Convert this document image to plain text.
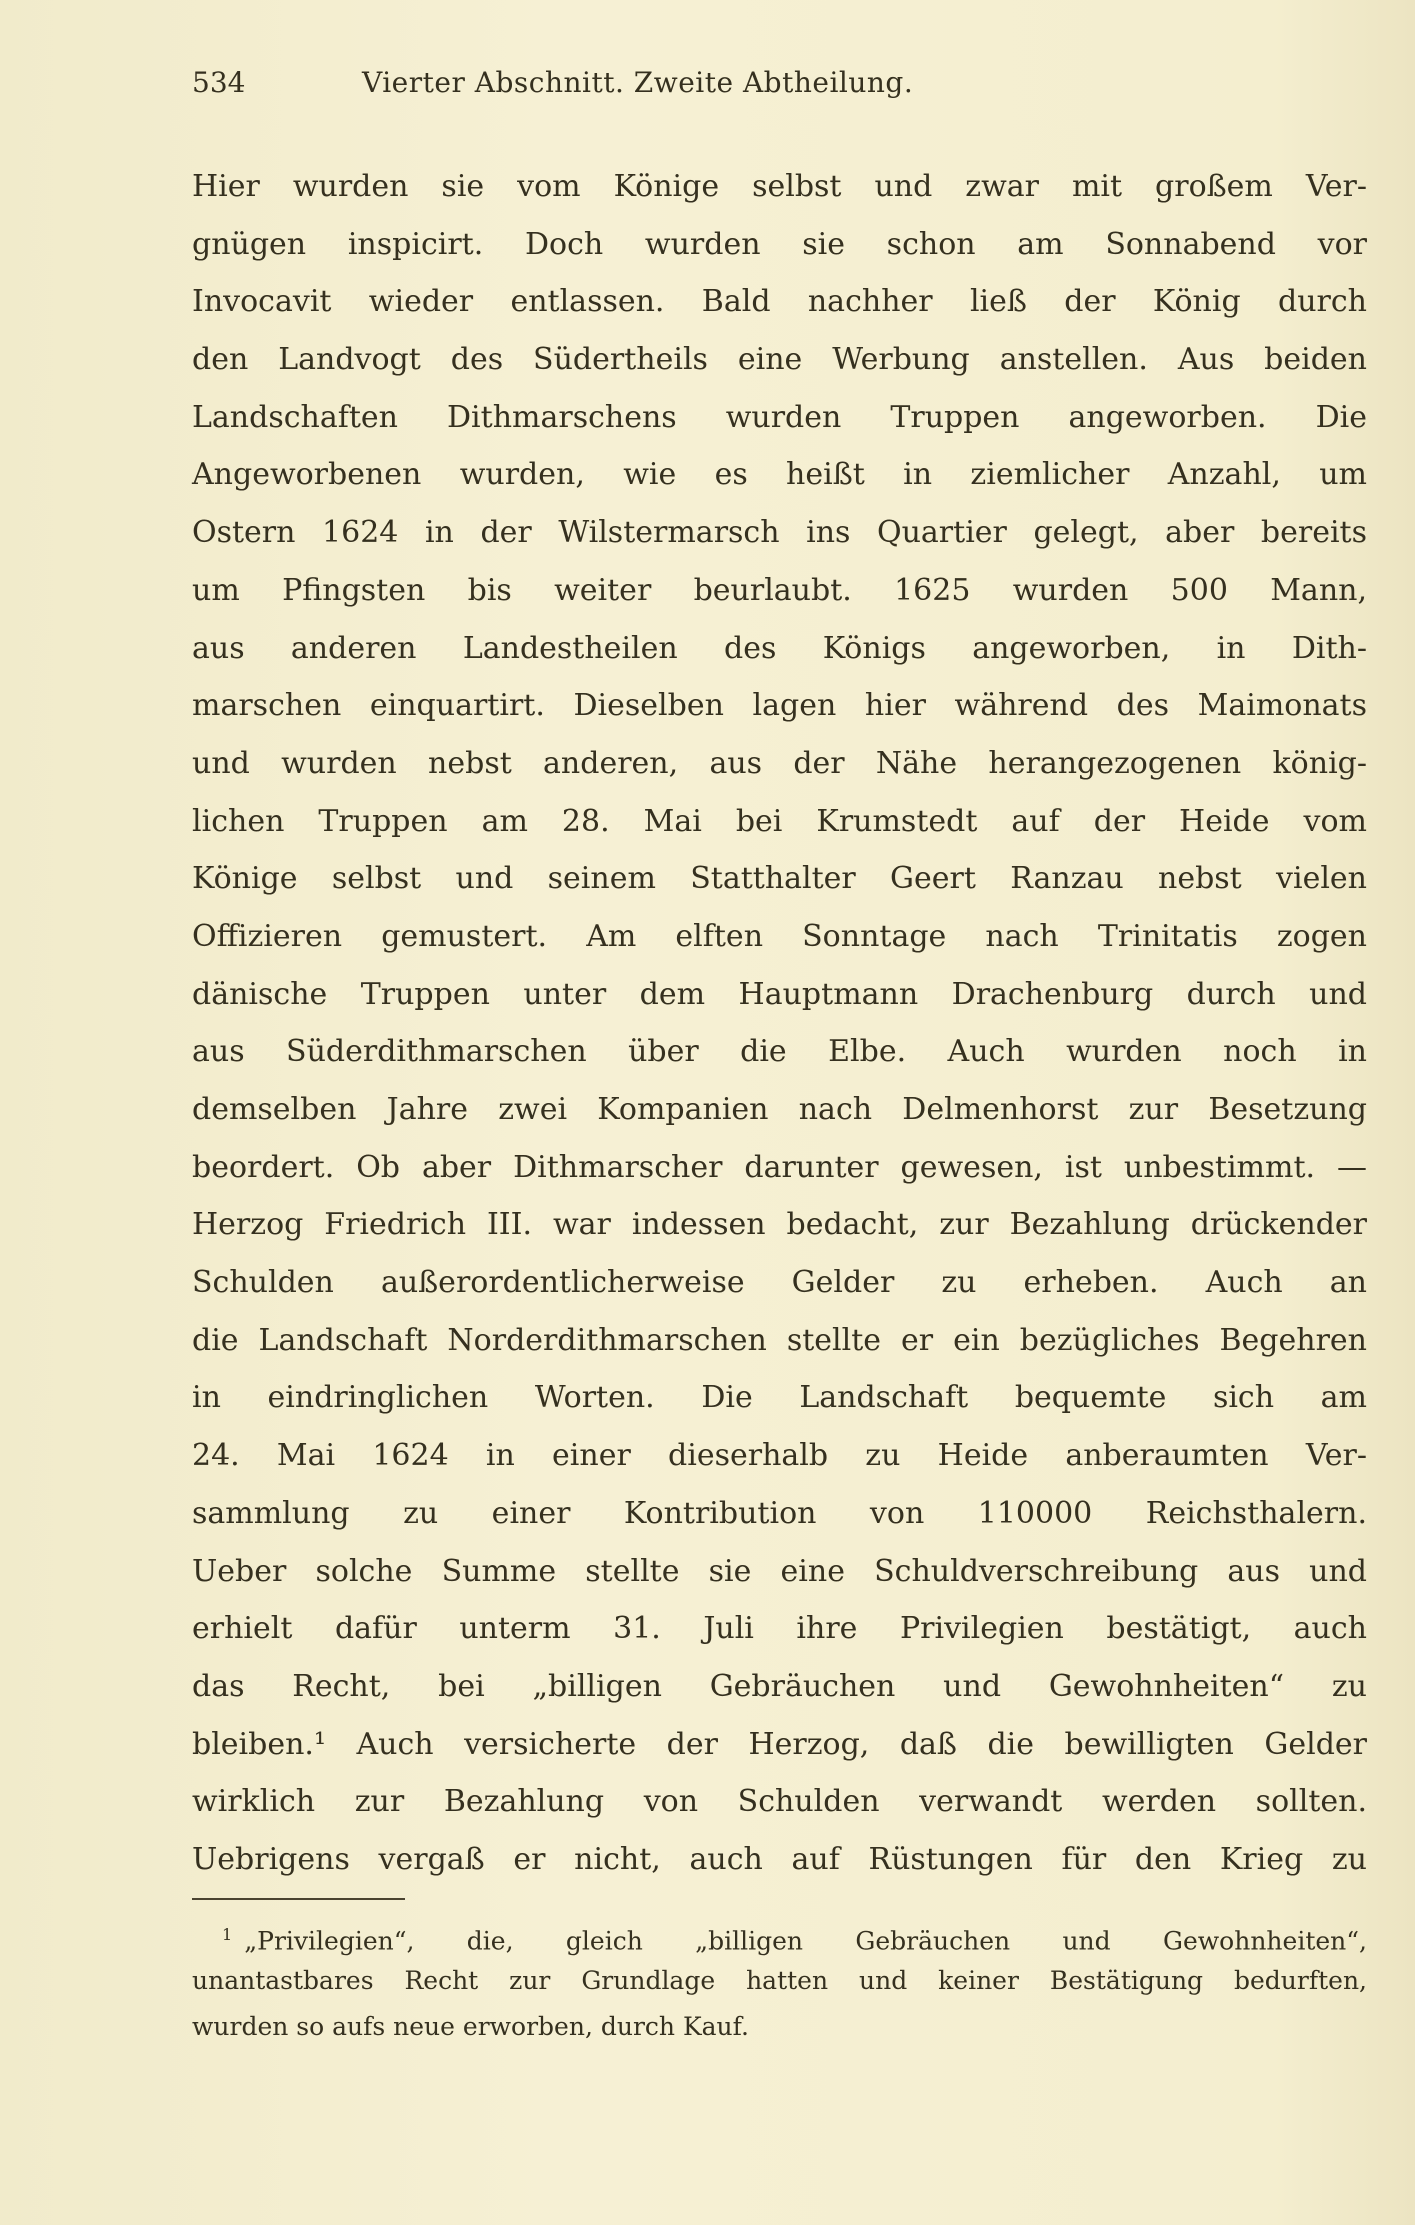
534	Vierter Abschnitt. Zweite Abtheilung.
Hier wurden sie vom Könige selbst und zwar mit großem Ver-
gnügen inspicirt. Doch wurden sie schon am Sonnabend vor
Invocavit wieder entlassen. Bald nachher ließ der König durch
den Landvogt des Südertheils eine Werbung anstellen. Aus beiden
Landschaften Dithmarschens wurden Truppen angeworben. Die
Angeworbenen wurden, wie es heißt in ziemlicher Anzahl, um
Ostern 1624 in der Wilstermarsch ins Quartier gelegt, aber bereits
um Pfingsten bis weiter beurlaubt. 1625 wurden 500 Mann,
aus anderen Landestheilen des Königs angeworben, in Dith-
marschen einquartirt. Dieselben lagen hier während des Maimonats
und wurden nebst anderen, aus der Nähe herangezogenen könig-
lichen Truppen am 28. Mai bei Krumstedt auf der Heide vom
Könige selbst und seinem Statthalter Geert Ranzau nebst vielen
Offizieren gemustert. Am elften Sonntage nach Trinitatis zogen
dänische Truppen unter dem Hauptmann Drachenburg durch und
aus Süderdithmarschen über die Elbe. Auch wurden noch in
demselben Jahre zwei Kompanien nach Delmenhorst zur Besetzung
beordert. Ob aber Dithmarscher darunter gewesen, ist unbestimmt. —
Herzog Friedrich III. war indessen bedacht, zur Bezahlung drückender
Schulden außerordentlicherweise Gelder zu erheben. Auch an
die Landschaft Norderdithmarschen stellte er ein bezügliches Begehren
in eindringlichen Worten. Die Landschaft bequemte sich am
24. Mai 1624 in einer dieserhalb zu Heide anberaumten Ver-
sammlung zu einer Kontribution von 110000 Reichsthalern.
Ueber solche Summe stellte sie eine Schuldverschreibung aus und
erhielt dafür unterm 31. Juli ihre Privilegien bestätigt, auch
das Recht, bei „billigen Gebräuchen und Gewohnheiten“ zu
bleiben.¹ Auch versicherte der Herzog, daß die bewilligten Gelder
wirklich zur Bezahlung von Schulden verwandt werden sollten.
Uebrigens vergaß er nicht, auch auf Rüstungen für den Krieg zu
$^1$ „Privilegien“, die, gleich „billigen Gebräuchen und Gewohnheiten“,
unantastbares Recht zur Grundlage hatten und keiner Bestätigung bedurften,
wurden so aufs neue erworben, durch Kauf.
